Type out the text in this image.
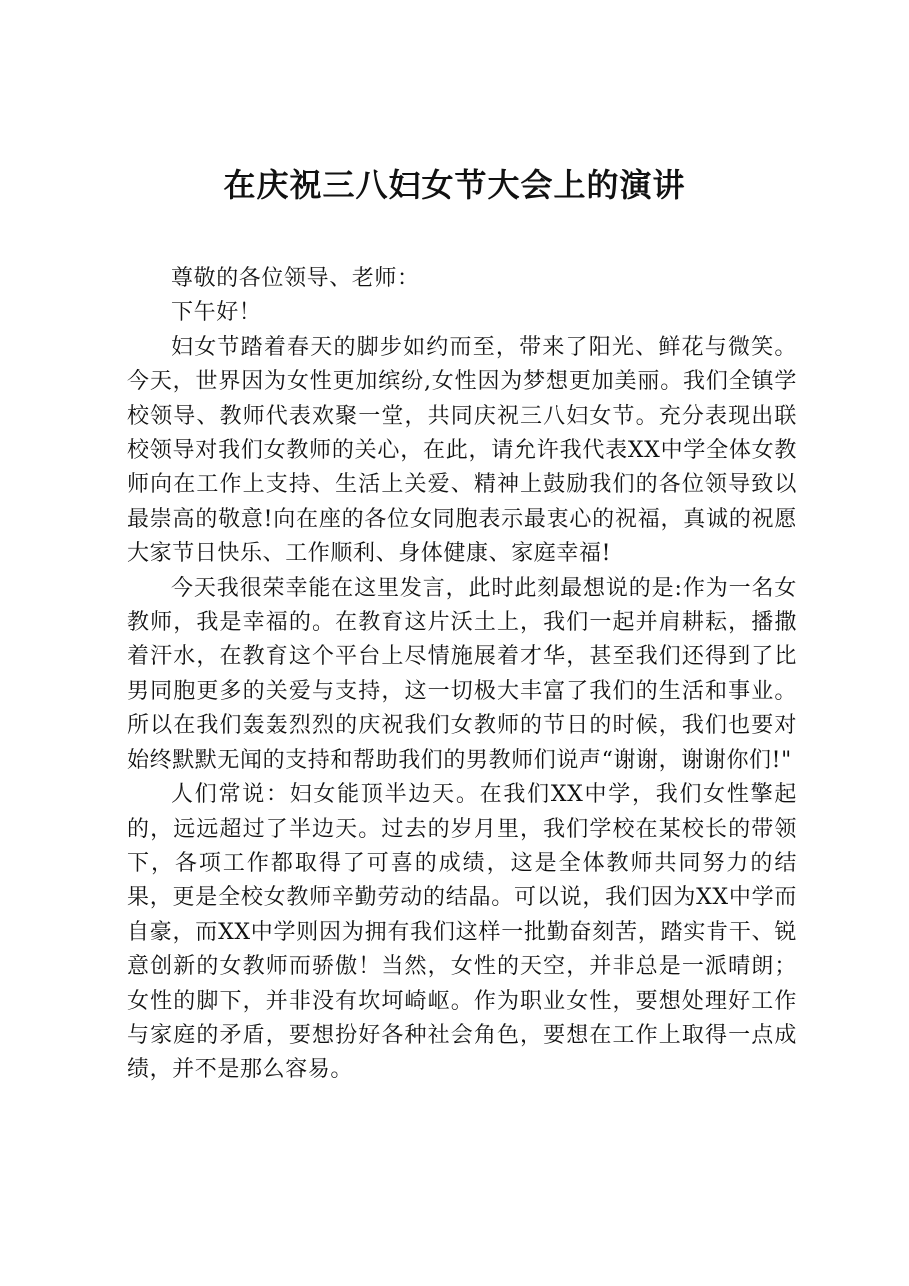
在庆祝三八妇女节大会上的演讲

尊敬的各位领导、老师：

下午好！

妇女节踏着春天的脚步如约而至，带来了阳光、鲜花与微笑。今天，世界因为女性更加缤纷,女性因为梦想更加美丽。我们全镇学校领导、教师代表欢聚一堂，共同庆祝三八妇女节。充分表现出联校领导对我们女教师的关心，在此，请允许我代表XX中学全体女教师向在工作上支持、生活上关爱、精神上鼓励我们的各位领导致以最崇高的敬意!向在座的各位女同胞表示最衷心的祝福，真诚的祝愿大家节日快乐、工作顺利、身体健康、家庭幸福!

今天我很荣幸能在这里发言，此时此刻最想说的是:作为一名女教师，我是幸福的。在教育这片沃土上，我们一起并肩耕耘，播撒着汗水，在教育这个平台上尽情施展着才华，甚至我们还得到了比男同胞更多的关爱与支持，这一切极大丰富了我们的生活和事业。所以在我们轰轰烈烈的庆祝我们女教师的节日的时候，我们也要对始终默默无闻的支持和帮助我们的男教师们说声“谢谢，谢谢你们!"

人们常说：妇女能顶半边天。在我们XX中学，我们女性擎起的，远远超过了半边天。过去的岁月里，我们学校在某校长的带领下，各项工作都取得了可喜的成绩，这是全体教师共同努力的结果，更是全校女教师辛勤劳动的结晶。可以说，我们因为XX中学而自豪，而XX中学则因为拥有我们这样一批勤奋刻苦，踏实肯干、锐意创新的女教师而骄傲！当然，女性的天空，并非总是一派晴朗；女性的脚下，并非没有坎坷崎岖。作为职业女性，要想处理好工作与家庭的矛盾，要想扮好各种社会角色，要想在工作上取得一点成绩，并不是那么容易。
